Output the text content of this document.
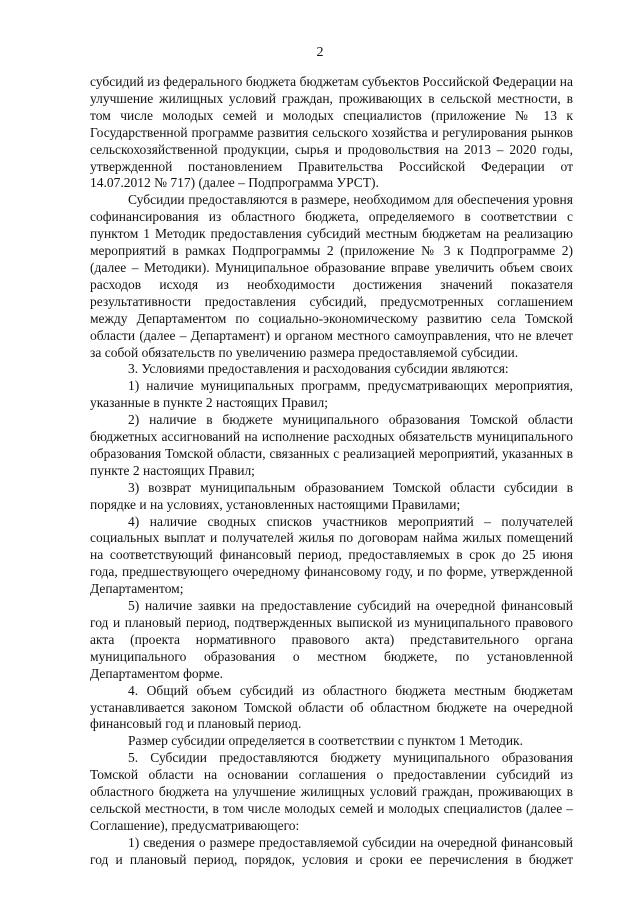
2

субсидий из федерального бюджета бюджетам субъектов Российской Федерации на улучшение жилищных условий граждан, проживающих в сельской местности, в том числе молодых семей и молодых специалистов (приложение № 13 к Государственной программе развития сельского хозяйства и регулирования рынков сельскохозяйственной продукции, сырья и продовольствия на 2013 – 2020 годы, утвержденной постановлением Правительства Российской Федерации от 14.07.2012 № 717) (далее – Подпрограмма УРСТ).

Субсидии предоставляются в размере, необходимом для обеспечения уровня софинансирования из областного бюджета, определяемого в соответствии с пунктом 1 Методик предоставления субсидий местным бюджетам на реализацию мероприятий в рамках Подпрограммы 2 (приложение № 3 к Подпрограмме 2) (далее – Методики). Муниципальное образование вправе увеличить объем своих расходов исходя из необходимости достижения значений показателя результативности предоставления субсидий, предусмотренных соглашением между Департаментом по социально-экономическому развитию села Томской области (далее – Департамент) и органом местного самоуправления, что не влечет за собой обязательств по увеличению размера предоставляемой субсидии.

3. Условиями предоставления и расходования субсидии являются:

1) наличие муниципальных программ, предусматривающих мероприятия, указанные в пункте 2 настоящих Правил;

2) наличие в бюджете муниципального образования Томской области бюджетных ассигнований на исполнение расходных обязательств муниципального образования Томской области, связанных с реализацией мероприятий, указанных в пункте 2 настоящих Правил;

3) возврат муниципальным образованием Томской области субсидии в порядке и на условиях, установленных настоящими Правилами;

4) наличие сводных списков участников мероприятий – получателей социальных выплат и получателей жилья по договорам найма жилых помещений на соответствующий финансовый период, предоставляемых в срок до 25 июня года, предшествующего очередному финансовому году, и по форме, утвержденной Департаментом;

5) наличие заявки на предоставление субсидий на очередной финансовый год и плановый период, подтвержденных выпиской из муниципального правового акта (проекта нормативного правового акта) представительного органа муниципального образования о местном бюджете, по установленной Департаментом форме.

4. Общий объем субсидий из областного бюджета местным бюджетам устанавливается законом Томской области об областном бюджете на очередной финансовый год и плановый период.

Размер субсидии определяется в соответствии с пунктом 1 Методик.

5. Субсидии предоставляются бюджету муниципального образования Томской области на основании соглашения о предоставлении субсидий из областного бюджета на улучшение жилищных условий граждан, проживающих в сельской местности, в том числе молодых семей и молодых специалистов (далее – Соглашение), предусматривающего:

1) сведения о размере предоставляемой субсидии на очередной финансовый год и плановый период, порядок, условия и сроки ее перечисления в бюджет
